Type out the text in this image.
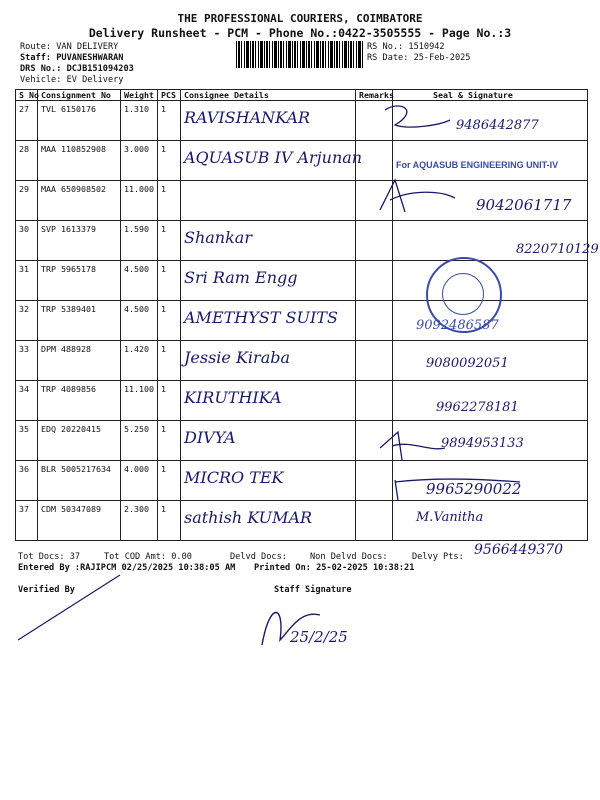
THE PROFESSIONAL COURIERS, COIMBATORE
Delivery Runsheet - PCM - Phone No.:0422-3505555 - Page No.:3
Route: VAN DELIVERY
Staff: PUVANESHWARAN
DRS No.: DCJB151094203
Vehicle: EV Delivery
RS No.: 1510942
RS Date: 25-Feb-2025
S No	Consignment No	Weight	PCS	Consignee Details	Remarks	Seal & Signature
27	TVL 6150176	1.310	1	RAVISHANKAR		9486442877

28	MAA 110852908	3.000	1	AQUASUB IV Arjunan		For AQUASUB ENGINEERING UNIT-IV

29	MAA 650908502	11.000	1			9042061717

30	SVP 1613379	1.590	1	Shankar		8220710129

31	TRP 5965178	4.500	1	Sri Ram Engg		

32	TRP 5389401	4.500	1	AMETHYST SUITS		9092486587

33	DPM 488928	1.420	1	Jessie Kiraba		9080092051

34	TRP 4089856	11.100	1	KIRUTHIKA		9962278181

35	EDQ 20220415	5.250	1	DIVYA		9894953133

36	BLR 5005217634	4.000	1	MICRO TEK		9965290022

37	CDM 50347089	2.300	1	sathish KUMAR		M.Vanitha
Tot Docs: 37	Tot COD Amt: 0.00	Delvd Docs:	Non Delvd Docs:	Delvy Pts: 9566449370
Entered By :RAJIPCM 02/25/2025 10:38:05 AM Printed On: 25-02-2025 10:38:21
Verified By	Staff Signature
25/2/25
